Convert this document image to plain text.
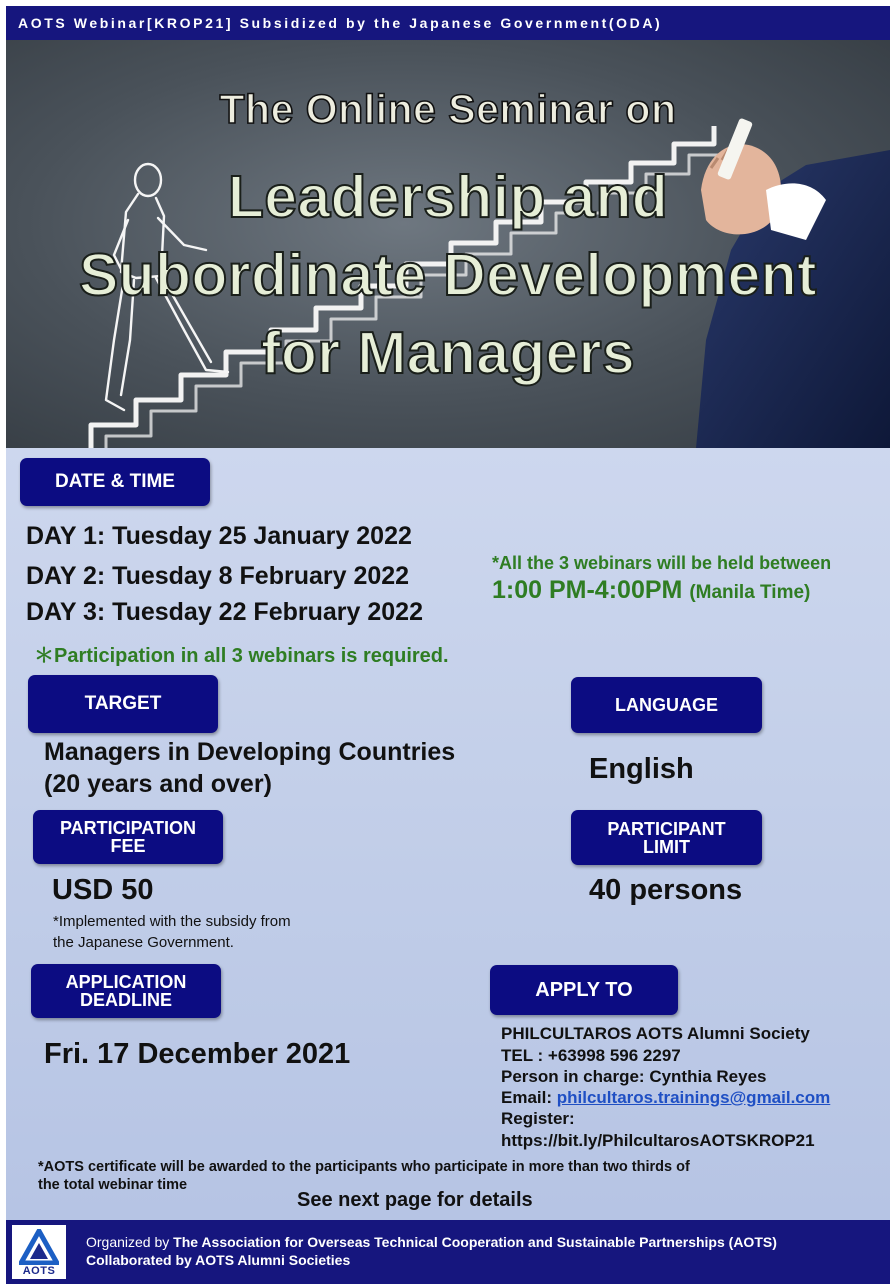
AOTS Webinar[KROP21] Subsidized by the Japanese Government(ODA)
The Online Seminar on
Leadership and
Subordinate Development
for Managers
DATE & TIME
DAY 1: Tuesday 25 January 2022
DAY 2: Tuesday 8 February 2022
DAY 3: Tuesday 22 February 2022
*All the 3 webinars will be held between
1:00 PM-4:00PM (Manila Time)
＊Participation in all 3 webinars is required.
TARGET
Managers in Developing Countries
(20 years and over)
LANGUAGE
English
PARTICIPATION
FEE
USD 50
*Implemented with the subsidy from
the Japanese Government.
PARTICIPANT
LIMIT
40 persons
APPLICATION
DEADLINE
Fri. 17 December 2021
APPLY TO
PHILCULTAROS AOTS Alumni Society
TEL : +63998 596 2297
Person in charge: Cynthia Reyes
Email: philcultaros.trainings@gmail.com
Register:
https://bit.ly/PhilcultarosAOTSKROP21
*AOTS certificate will be awarded to the participants who participate in more than two thirds of
the total webinar time
See next page for details
AOTS
Organized by The Association for Overseas Technical Cooperation and Sustainable Partnerships (AOTS)
Collaborated by AOTS Alumni Societies
